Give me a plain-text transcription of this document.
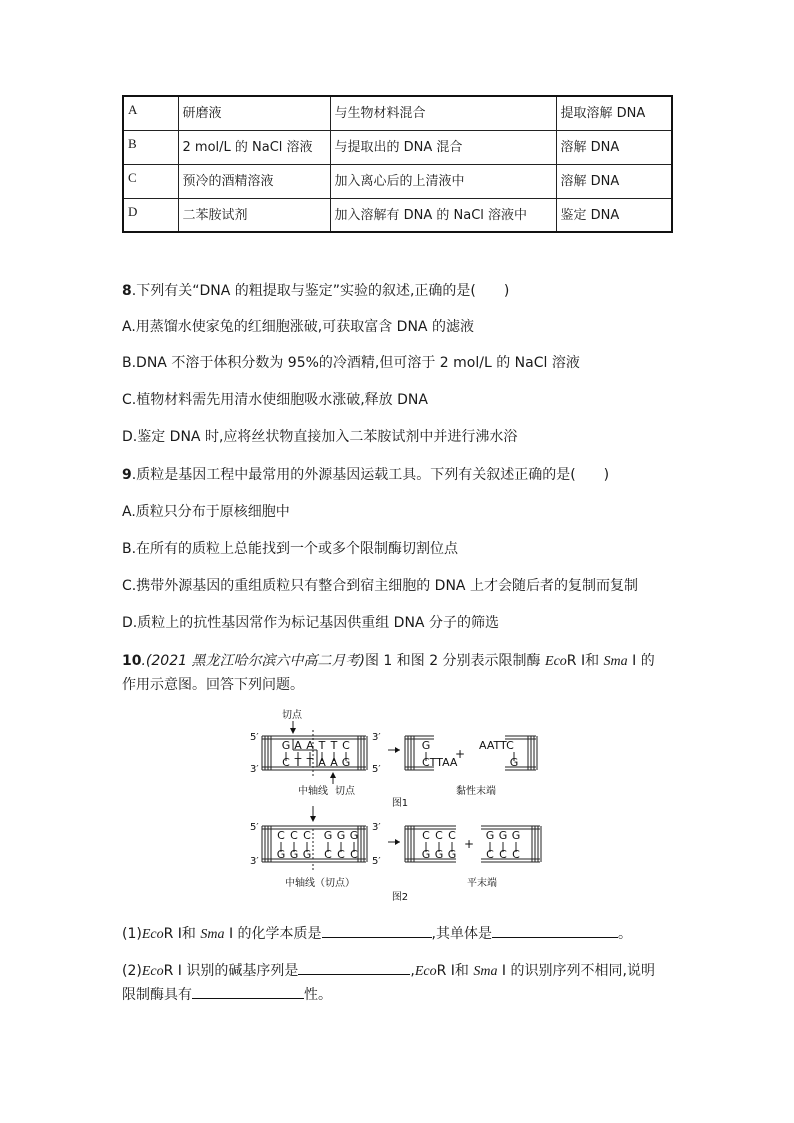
A	研磨液	与生物材料混合	提取溶解 DNA
B	2 mol/L 的 NaCl 溶液	与提取出的 DNA 混合	溶解 DNA
C	预冷的酒精溶液	加入离心后的上清液中	溶解 DNA
D	二苯胺试剂	加入溶解有 DNA 的 NaCl 溶液中	鉴定 DNA
8.下列有关“DNA 的粗提取与鉴定”实验的叙述,正确的是(　　)
A.用蒸馏水使家兔的红细胞涨破,可获取富含 DNA 的滤液
B.DNA 不溶于体积分数为 95%的冷酒精,但可溶于 2 mol/L 的 NaCl 溶液
C.植物材料需先用清水使细胞吸水涨破,释放 DNA
D.鉴定 DNA 时,应将丝状物直接加入二苯胺试剂中并进行沸水浴
9.质粒是基因工程中最常用的外源基因运载工具。下列有关叙述正确的是(　　)
A.质粒只分布于原核细胞中
B.在所有的质粒上总能找到一个或多个限制酶切割位点
C.携带外源基因的重组质粒只有整合到宿主细胞的 DNA 上才会随后者的复制而复制
D.质粒上的抗性基因常作为标记基因供重组 DNA 分子的筛选
10.(2021 黑龙江哈尔滨六中高二月考)图 1 和图 2 分别表示限制酶 EcoR Ⅰ和 Sma Ⅰ 的
作用示意图。回答下列问题。
切点
5′
3′
3′
5′
G
C
A
T
A
T
T
A
T
A
C
G
中轴线 切点
G
CTTAA
+
AATTC
G
黏性末端
图1
5′
3′
3′
5′
C
G
C
G
C
G
G
C
G
C
G
C
中轴线（切点）
C
G
C
G
C
G
+
G
C
G
C
G
C
平末端
图2
(1)EcoR Ⅰ和 Sma Ⅰ 的化学本质是	,其单体是	。
(2)EcoR Ⅰ 识别的碱基序列是	,EcoR Ⅰ和 Sma Ⅰ 的识别序列不相同,说明
限制酶具有	性。
